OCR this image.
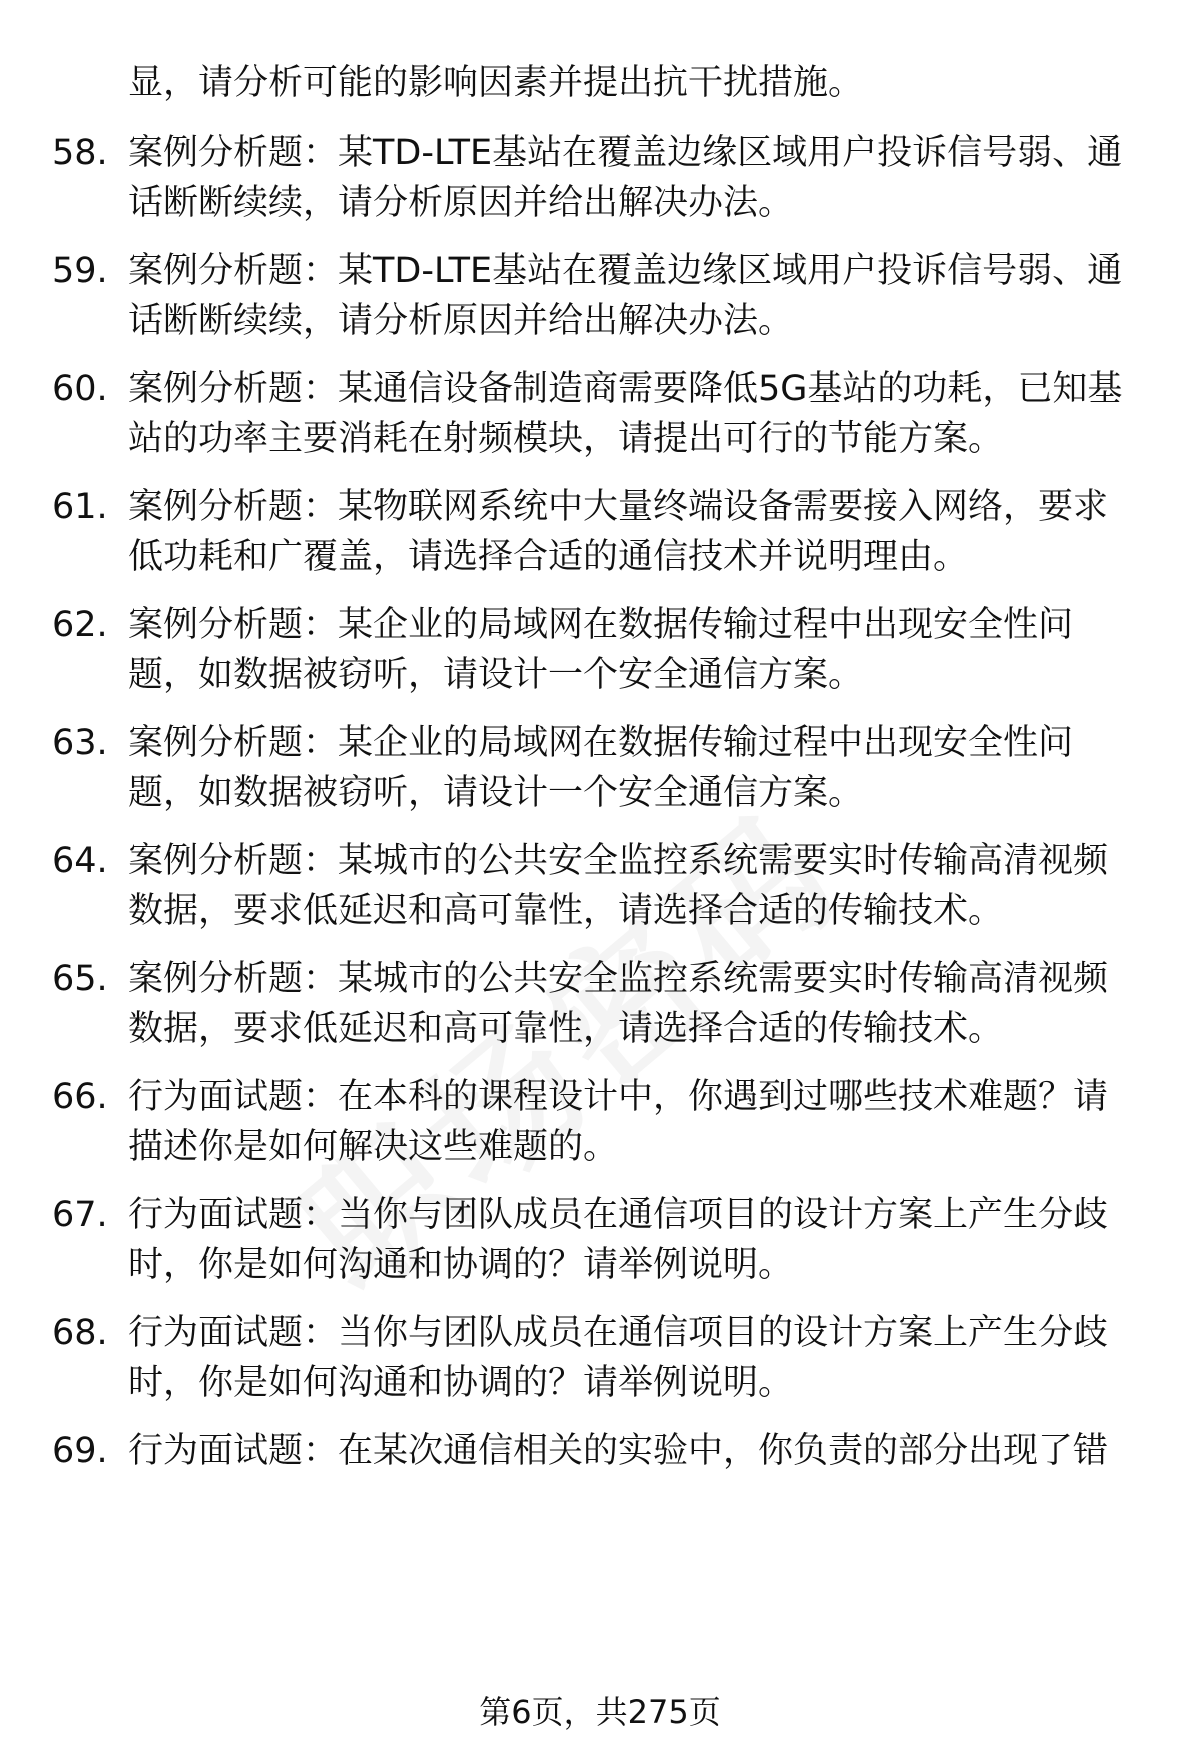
显，请分析可能的影响因素并提出抗干扰措施。
58. 案例分析题：某TD-LTE基站在覆盖边缘区域用户投诉信号弱、通
话断断续续，请分析原因并给出解决办法。
59. 案例分析题：某TD-LTE基站在覆盖边缘区域用户投诉信号弱、通
话断断续续，请分析原因并给出解决办法。
60. 案例分析题：某通信设备制造商需要降低5G基站的功耗，已知基
站的功率主要消耗在射频模块，请提出可行的节能方案。
61. 案例分析题：某物联网系统中大量终端设备需要接入网络，要求
低功耗和广覆盖，请选择合适的通信技术并说明理由。
62. 案例分析题：某企业的局域网在数据传输过程中出现安全性问
题，如数据被窃听，请设计一个安全通信方案。
63. 案例分析题：某企业的局域网在数据传输过程中出现安全性问
题，如数据被窃听，请设计一个安全通信方案。
64. 案例分析题：某城市的公共安全监控系统需要实时传输高清视频
数据，要求低延迟和高可靠性，请选择合适的传输技术。
65. 案例分析题：某城市的公共安全监控系统需要实时传输高清视频
数据，要求低延迟和高可靠性，请选择合适的传输技术。
66. 行为面试题：在本科的课程设计中，你遇到过哪些技术难题？请
描述你是如何解决这些难题的。
67. 行为面试题：当你与团队成员在通信项目的设计方案上产生分歧
时，你是如何沟通和协调的？请举例说明。
68. 行为面试题：当你与团队成员在通信项目的设计方案上产生分歧
时，你是如何沟通和协调的？请举例说明。
69. 行为面试题：在某次通信相关的实验中，你负责的部分出现了错
第6页，共275页
